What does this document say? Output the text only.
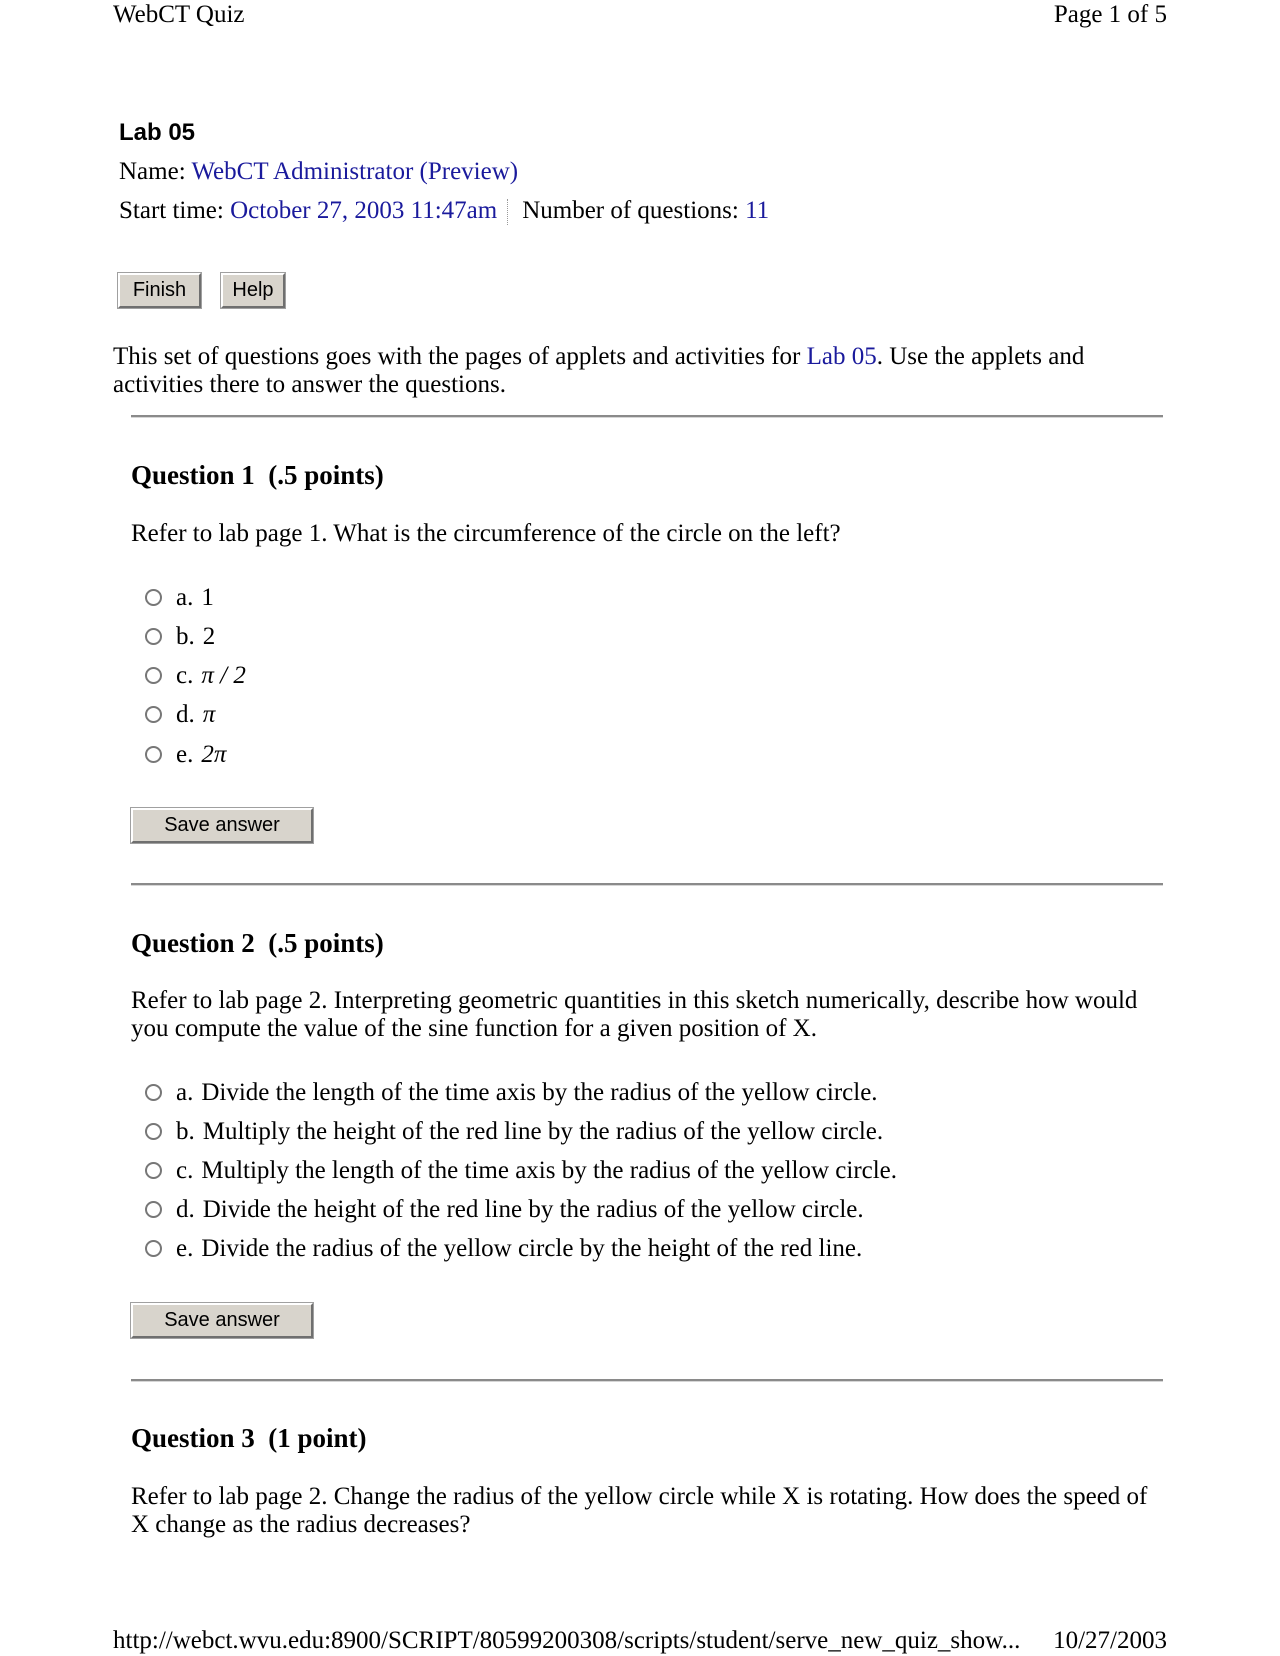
WebCT Quiz	Page 1 of 5
Lab 05
Name: WebCT Administrator (Preview)
Start time: October 27, 2003 11:47am Number of questions: 11
Finish	Help
This set of questions goes with the pages of applets and activities for Lab 05. Use the applets and activities there to answer the questions.
Question 1  (.5 points)
Refer to lab page 1. What is the circumference of the circle on the left?
a. 1
b. 2
c. π / 2
d. π
e. 2π
Save answer
Question 2  (.5 points)
Refer to lab page 2. Interpreting geometric quantities in this sketch numerically, describe how would you compute the value of the sine function for a given position of X.
a. Divide the length of the time axis by the radius of the yellow circle.
b. Multiply the height of the red line by the radius of the yellow circle.
c. Multiply the length of the time axis by the radius of the yellow circle.
d. Divide the height of the red line by the radius of the yellow circle.
e. Divide the radius of the yellow circle by the height of the red line.
Save answer
Question 3  (1 point)
Refer to lab page 2. Change the radius of the yellow circle while X is rotating. How does the speed of X change as the radius decreases?
http://webct.wvu.edu:8900/SCRIPT/80599200308/scripts/student/serve_new_quiz_show... 10/27/2003
